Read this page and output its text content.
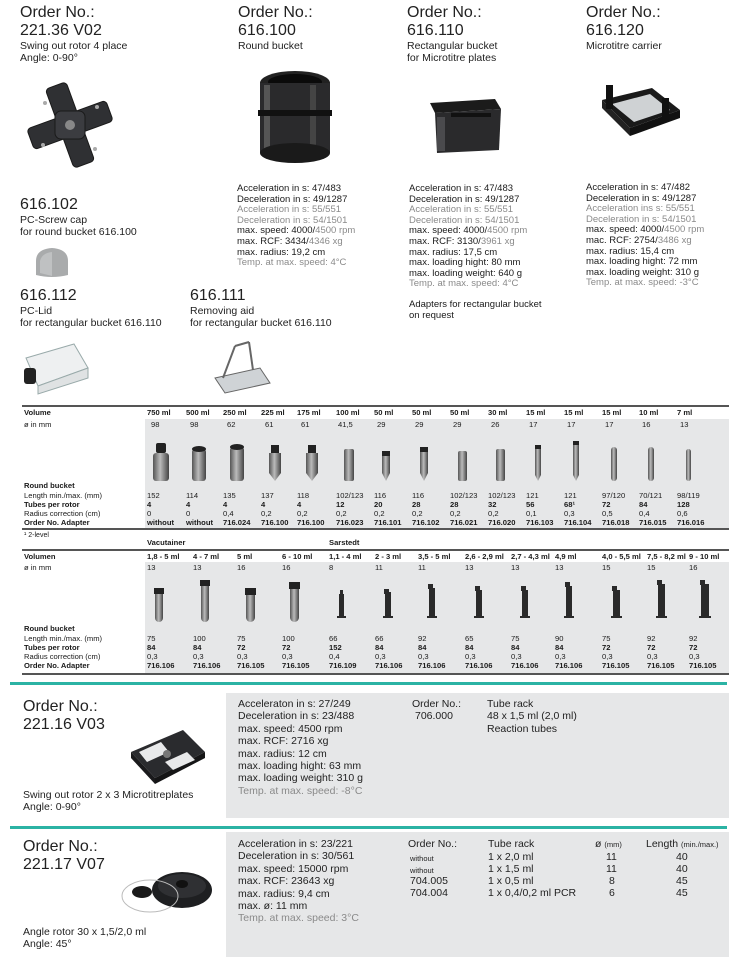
Order No.:
221.36 V02
Swing out rotor 4 place
Angle: 0-90°
Order No.:
616.100
Round bucket
Order No.:
616.110
Rectangular bucket
for Microtitre plates
Order No.:
616.120
Microtitre carrier
Acceleration in s: 47/483
Deceleration in s: 49/1287
Acceleration in s: 55/551
Deceleration in s: 54/1501
max. speed: 4000/4500 rpm
max. RCF: 3434/4346 xg
max. radius: 19,2 cm
Temp. at max. speed: 4°C
Acceleration in s: 47/483
Deceleration in s: 49/1287
Acceleration in s: 55/551
Deceleration in s: 54/1501
max. speed: 4000/4500 rpm
max. RCF: 3130/3961 xg
max. radius: 17,5 cm
max. loading hight: 80 mm
max. loading weight: 640 g
Temp. at max. speed: 4°C
Adapters for rectangular bucket
on request
Acceleration in s: 47/482
Deceleration in s: 49/1287
Acceleration ins s: 55/551
Deceleration in s: 54/1501
max. speed: 4000/4500 rpm
mac. RCF: 2754/3486 xg
max. radius: 15,4 cm
max. loading hight: 72 mm
max. loading weight: 310 g
Temp. at max. speed: -3°C
616.102
PC-Screw cap
for round bucket 616.100
616.112
PC-Lid
for rectangular bucket 616.110
616.111
Removing aid
for rectangular bucket 616.110
Volume	750 ml 500 ml 250 ml 225 ml 175 ml 100 ml 50 ml 50 ml 50 ml 30 ml 15 ml 15 ml 15 ml 10 ml 7 ml
ø in mm	98	98	62	61	61	41,5	29	29	29	26	17	17	17	16	13
Round bucket
Length min./max. (mm)	152	114	135	137	118	102/123 116	116	102/123 102/123 121	121	97/120 70/121 98/119
Tubes per rotor	4	4	4	4	4	12	20	28	28	32	56	68¹	72	84	128
Radius correction (cm)	0	0	0,4	0,2	0,2	0,2	0,2	0,2	0,2	0,2	0,1	0,3	0,5	0,4	0,6
Order No. Adapter	without without 716.024 716.100 716.100 716.023 716.101 716.102 716.021 716.020 716.103 716.104 716.018 716.015 716.016
¹ 2-level
Vacutainer	Sarstedt
Volumen	1,8 - 5 ml 4 - 7 ml 5 ml	6 - 10 ml 1,1 - 4 ml 2 - 3 ml 3,5 - 5 ml 2,6 - 2,9 ml 2,7 - 4,3 ml 4,9 ml	4,0 - 5,5 ml 7,5 - 8,2 ml 9 - 10 ml
ø in mm	13	13	16	16	8	11	11	13	13	13	15	15	16
Round bucket
Length min./max. (mm)	75	100	75	100	66	66	92	65	75	90	75	92	92
Tubes per rotor	84	84	72	72	152	84	84	84	84	84	72	72	72
Radius correction (cm)	0,3	0,3	0,3	0,3	0,4	0,3	0,3	0,3	0,3	0,3	0,3	0,3	0,3
Order No. Adapter	716.106 716.106 716.105 716.105	716.109 716.106 716.106	716.106 716.106 716.106	716.105 716.105 716.105
Order No.:
221.16 V03
Swing out rotor 2 x 3 Microtitreplates
Angle: 0-90°
Acceleraton in s: 27/249
Deceleration in s: 23/488
max. speed: 4500 rpm
max. RCF: 2716 xg
max. radius: 12 cm
max. loading hight: 63 mm
max. loading weight: 310 g
Temp. at max. speed: -8°C
Order No.:
706.000
Tube rack
48 x 1,5 ml (2,0 ml)
Reaction tubes
Order No.:
221.17 V07
Angle rotor 30 x 1,5/2,0 ml
Angle: 45°
Acceleration in s: 23/221
Deceleration in s: 30/561
max. speed: 15000 rpm
max. RCF: 23643 xg
max. radius: 9,4 cm
max. ø: 11 mm
Temp. at max. speed: 3°C
Order No.:	Tube rack	ø (mm) Length (min./max.)
without	1 x 2,0 ml	11	40
without	1 x 1,5 ml	11	40
704.005	1 x 0,5 ml	8	45
704.004	1 x 0,4/0,2 ml PCR	6	45
